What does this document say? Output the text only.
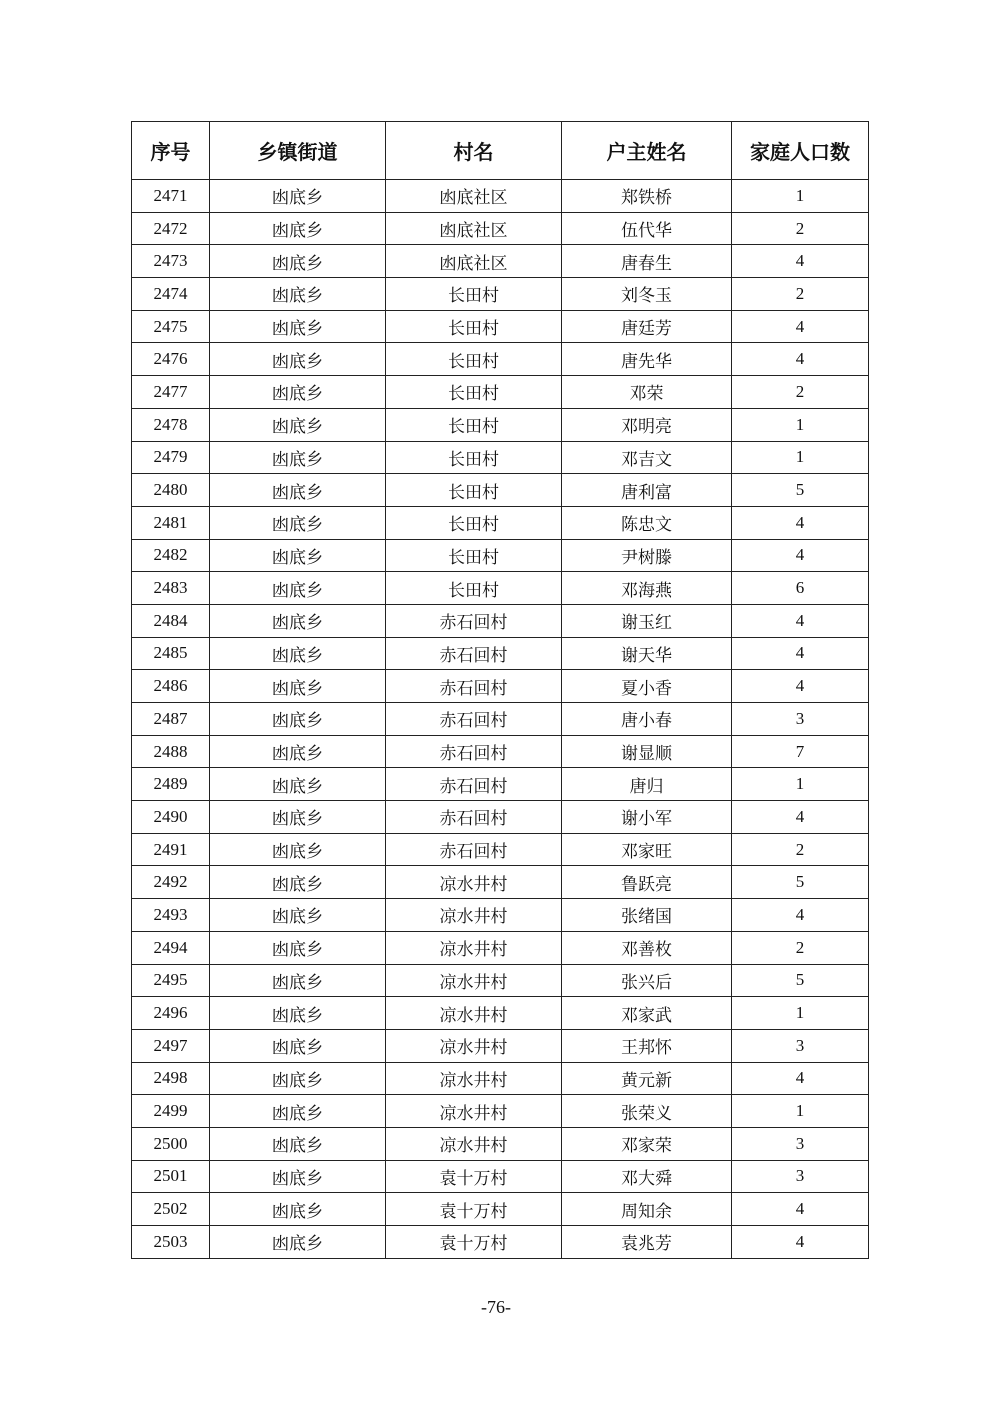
序号	乡镇街道	村名	户主姓名	家庭人口数
2471	凼底乡	凼底社区	郑铁桥	1
2472	凼底乡	凼底社区	伍代华	2
2473	凼底乡	凼底社区	唐春生	4
2474	凼底乡	长田村	刘冬玉	2
2475	凼底乡	长田村	唐廷芳	4
2476	凼底乡	长田村	唐先华	4
2477	凼底乡	长田村	邓荣	2
2478	凼底乡	长田村	邓明亮	1
2479	凼底乡	长田村	邓吉文	1
2480	凼底乡	长田村	唐利富	5
2481	凼底乡	长田村	陈忠文	4
2482	凼底乡	长田村	尹树滕	4
2483	凼底乡	长田村	邓海燕	6
2484	凼底乡	赤石回村	谢玉红	4
2485	凼底乡	赤石回村	谢天华	4
2486	凼底乡	赤石回村	夏小香	4
2487	凼底乡	赤石回村	唐小春	3
2488	凼底乡	赤石回村	谢显顺	7
2489	凼底乡	赤石回村	唐归	1
2490	凼底乡	赤石回村	谢小军	4
2491	凼底乡	赤石回村	邓家旺	2
2492	凼底乡	凉水井村	鲁跃亮	5
2493	凼底乡	凉水井村	张绪国	4
2494	凼底乡	凉水井村	邓善枚	2
2495	凼底乡	凉水井村	张兴后	5
2496	凼底乡	凉水井村	邓家武	1
2497	凼底乡	凉水井村	王邦怀	3
2498	凼底乡	凉水井村	黄元新	4
2499	凼底乡	凉水井村	张荣义	1
2500	凼底乡	凉水井村	邓家荣	3
2501	凼底乡	袁十万村	邓大舜	3
2502	凼底乡	袁十万村	周知余	4
2503	凼底乡	袁十万村	袁兆芳	4
-76-
